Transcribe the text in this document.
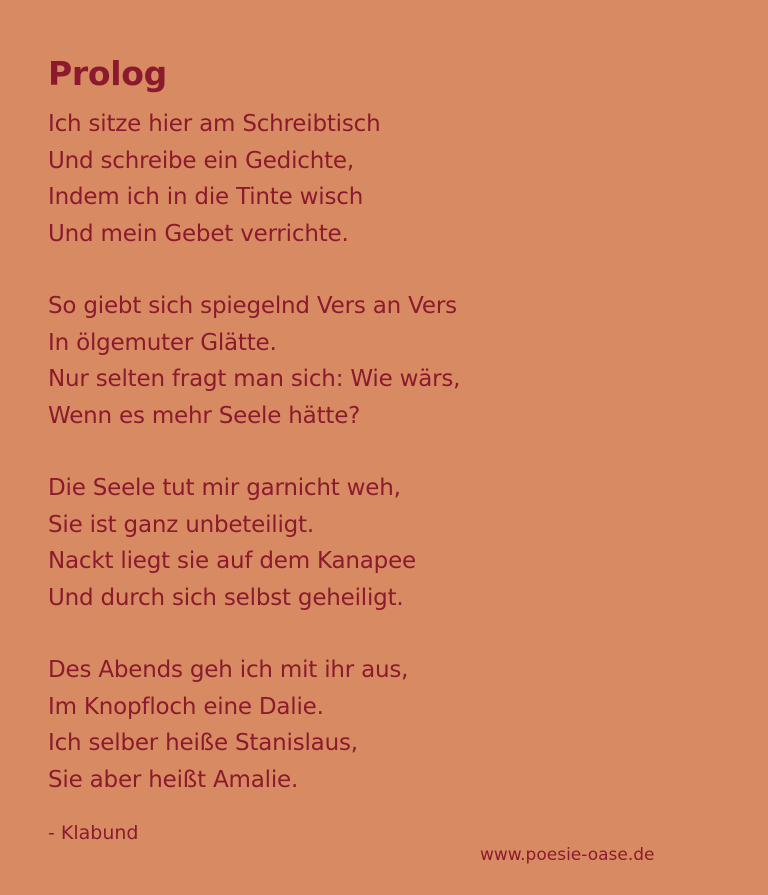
Prolog
Ich sitze hier am Schreibtisch
Und schreibe ein Gedichte,
Indem ich in die Tinte wisch
Und mein Gebet verrichte.
So giebt sich spiegelnd Vers an Vers
In ölgemuter Glätte.
Nur selten fragt man sich: Wie wärs,
Wenn es mehr Seele hätte?
Die Seele tut mir garnicht weh,
Sie ist ganz unbeteiligt.
Nackt liegt sie auf dem Kanapee
Und durch sich selbst geheiligt.
Des Abends geh ich mit ihr aus,
Im Knopfloch eine Dalie.
Ich selber heiße Stanislaus,
Sie aber heißt Amalie.
- Klabund
www.poesie-oase.de
